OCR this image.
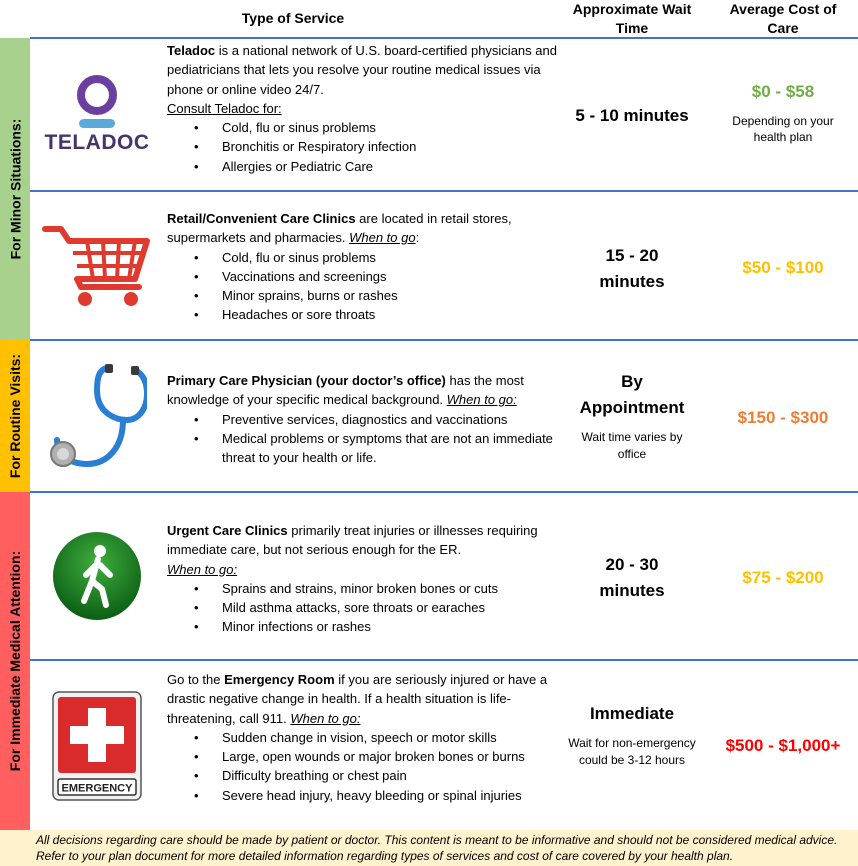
Type of Service
Approximate Wait Time
Average Cost of Care
For Minor Situations:
For Routine Visits:
For Immediate Medical Attention:
TELADOC

Teladoc is a national network of U.S. board-certified physicians and pediatricians that lets you resolve your routine medical issues via phone or online video 24/7.

Consult Teladoc for:

• Cold, flu or sinus problems
• Bronchitis or Respiratory infection
• Allergies or Pediatric Care
5 - 10 minutes
$0 - $58
Depending on your health plan

Retail/Convenient Care Clinics are located in retail stores, supermarkets and pharmacies. When to go:

• Cold, flu or sinus problems
• Vaccinations and screenings
• Minor sprains, burns or rashes
• Headaches or sore throats
15 - 20 minutes
$50 - $100

Primary Care Physician (your doctor’s office) has the most knowledge of your specific medical background. When to go:

• Preventive services, diagnostics and vaccinations
• Medical problems or symptoms that are not an immediate threat to your health or life.
By
Appointment
Wait time varies by office
$150 - $300

Urgent Care Clinics primarily treat injuries or illnesses requiring immediate care, but not serious enough for the ER.

When to go:

• Sprains and strains, minor broken bones or cuts
• Mild asthma attacks, sore throats or earaches
• Minor infections or rashes
20 - 30 minutes
$75 - $200
EMERGENCY

Go to the Emergency Room if you are seriously injured or have a drastic negative change in health. If a health situation is life-threatening, call 911. When to go:

• Sudden change in vision, speech or motor skills
• Large, open wounds or major broken bones or burns
• Difficulty breathing or chest pain
• Severe head injury, heavy bleeding or spinal injuries
Immediate
Wait for non-emergency could be 3-12 hours
$500 - $1,000+
All decisions regarding care should be made by patient or doctor. This content is meant to be informative and should not be considered medical advice. Refer to your plan document for more detailed information regarding types of services and cost of care covered by your health plan.
